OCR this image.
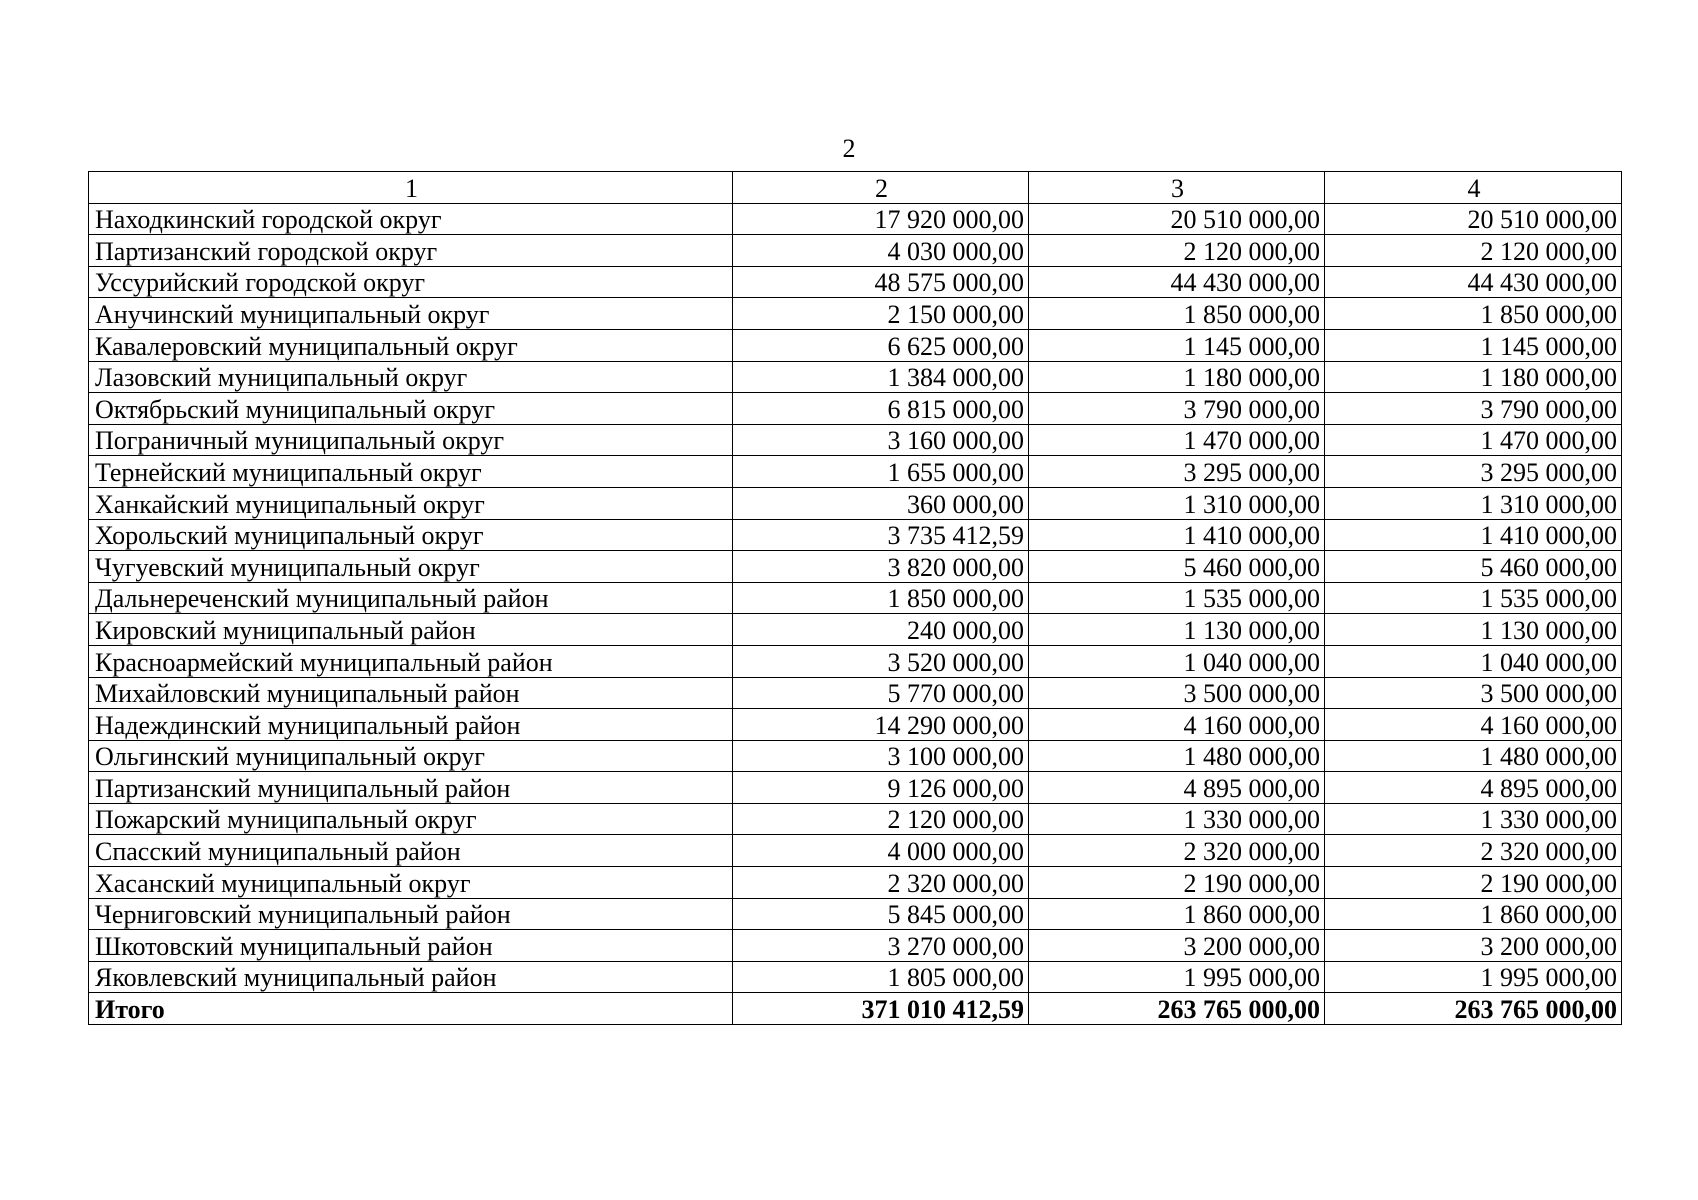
2
1	2	3	4
Находкинский городской округ	17 920 000,00	20 510 000,00	20 510 000,00
Партизанский городской округ	4 030 000,00	2 120 000,00	2 120 000,00
Уссурийский городской округ	48 575 000,00	44 430 000,00	44 430 000,00
Анучинский муниципальный округ	2 150 000,00	1 850 000,00	1 850 000,00
Кавалеровский муниципальный округ	6 625 000,00	1 145 000,00	1 145 000,00
Лазовский муниципальный округ	1 384 000,00	1 180 000,00	1 180 000,00
Октябрьский муниципальный округ	6 815 000,00	3 790 000,00	3 790 000,00
Пограничный муниципальный округ	3 160 000,00	1 470 000,00	1 470 000,00
Тернейский муниципальный округ	1 655 000,00	3 295 000,00	3 295 000,00
Ханкайский муниципальный округ	360 000,00	1 310 000,00	1 310 000,00
Хорольский муниципальный округ	3 735 412,59	1 410 000,00	1 410 000,00
Чугуевский муниципальный округ	3 820 000,00	5 460 000,00	5 460 000,00
Дальнереченский муниципальный район	1 850 000,00	1 535 000,00	1 535 000,00
Кировский муниципальный район	240 000,00	1 130 000,00	1 130 000,00
Красноармейский муниципальный район	3 520 000,00	1 040 000,00	1 040 000,00
Михайловский муниципальный район	5 770 000,00	3 500 000,00	3 500 000,00
Надеждинский муниципальный район	14 290 000,00	4 160 000,00	4 160 000,00
Ольгинский муниципальный округ	3 100 000,00	1 480 000,00	1 480 000,00
Партизанский муниципальный район	9 126 000,00	4 895 000,00	4 895 000,00
Пожарский муниципальный округ	2 120 000,00	1 330 000,00	1 330 000,00
Спасский муниципальный район	4 000 000,00	2 320 000,00	2 320 000,00
Хасанский муниципальный округ	2 320 000,00	2 190 000,00	2 190 000,00
Черниговский муниципальный район	5 845 000,00	1 860 000,00	1 860 000,00
Шкотовский муниципальный район	3 270 000,00	3 200 000,00	3 200 000,00
Яковлевский муниципальный район	1 805 000,00	1 995 000,00	1 995 000,00
Итого	371 010 412,59	263 765 000,00	263 765 000,00
